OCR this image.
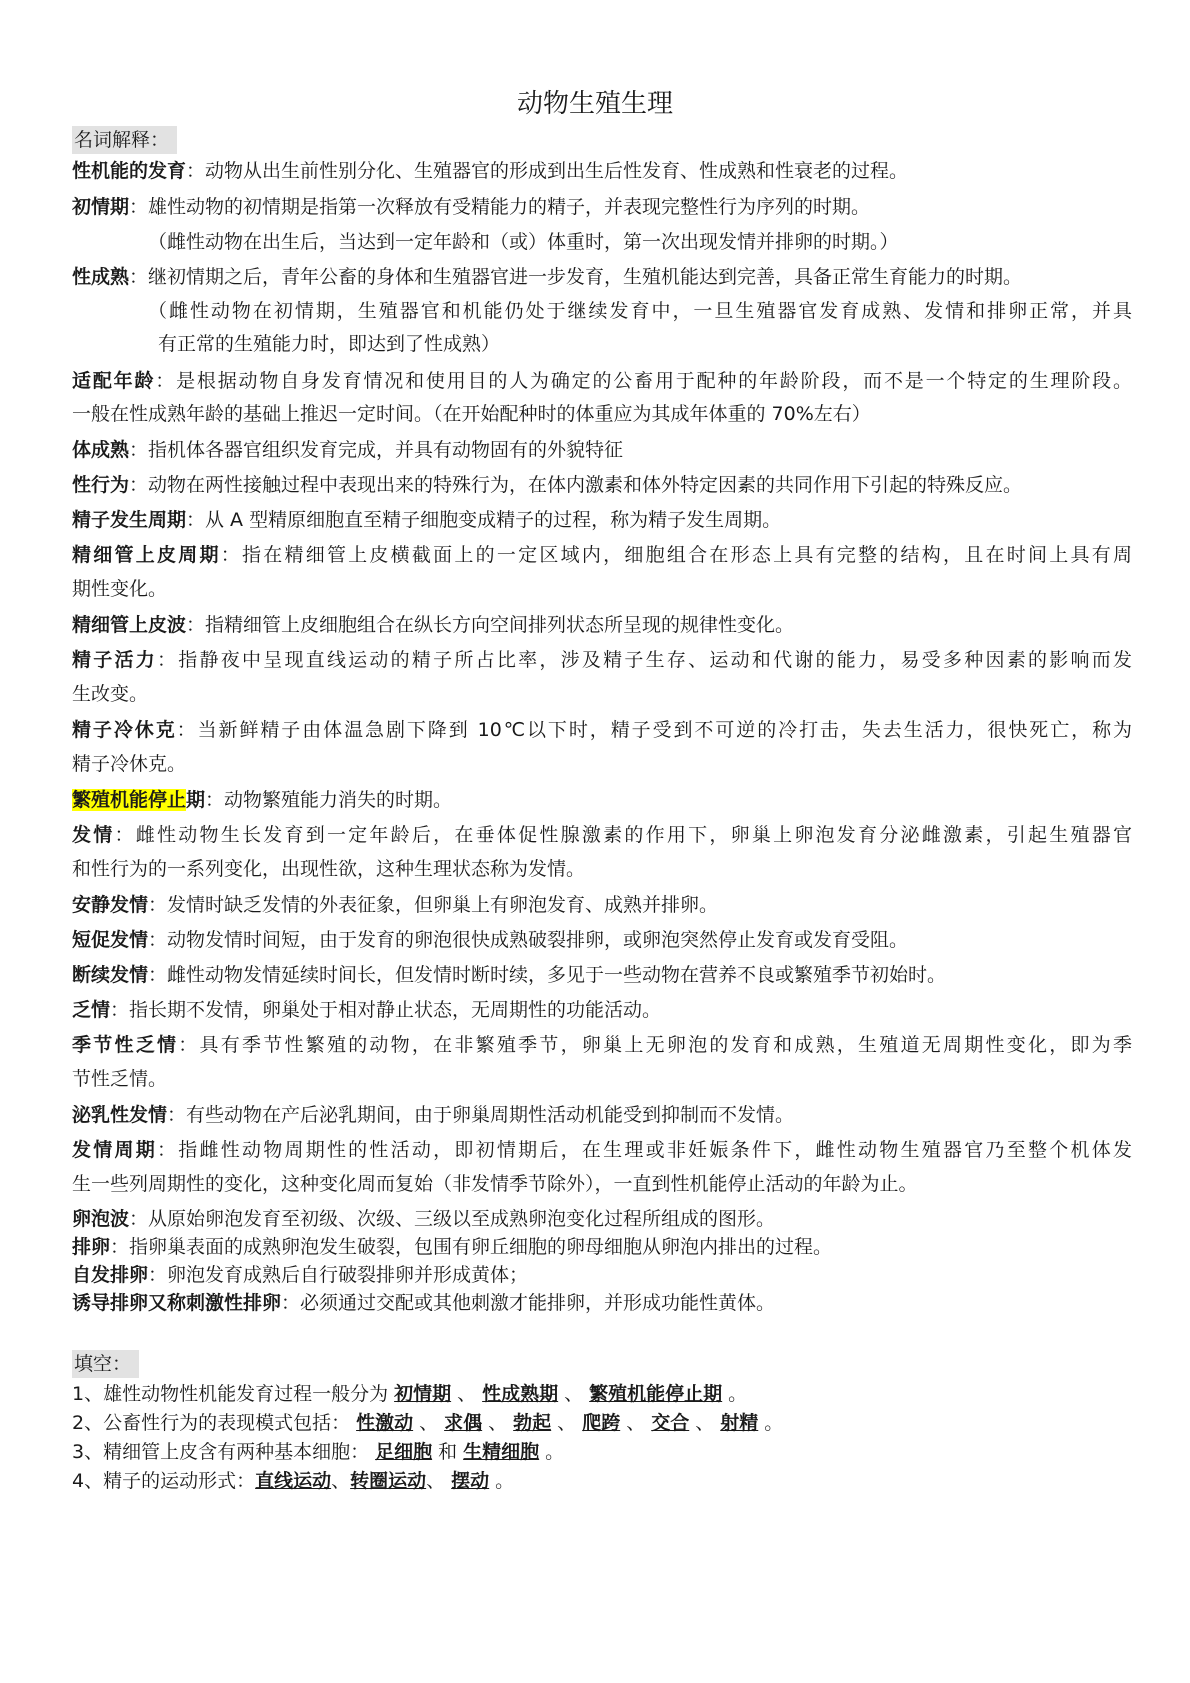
动物生殖生理
名词解释：
性机能的发育：动物从出生前性别分化、生殖器官的形成到出生后性发育、性成熟和性衰老的过程。
初情期：雄性动物的初情期是指第一次释放有受精能力的精子，并表现完整性行为序列的时期。
（雌性动物在出生后，当达到一定年龄和（或）体重时，第一次出现发情并排卵的时期。）
性成熟：继初情期之后，青年公畜的身体和生殖器官进一步发育，生殖机能达到完善，具备正常生育能力的时期。
（雌性动物在初情期，生殖器官和机能仍处于继续发育中，一旦生殖器官发育成熟、发情和排卵正常，并具
有正常的生殖能力时，即达到了性成熟）
适配年龄：是根据动物自身发育情况和使用目的人为确定的公畜用于配种的年龄阶段，而不是一个特定的生理阶段。
一般在性成熟年龄的基础上推迟一定时间。（在开始配种时的体重应为其成年体重的 70%左右）
体成熟：指机体各器官组织发育完成，并具有动物固有的外貌特征
性行为：动物在两性接触过程中表现出来的特殊行为，在体内激素和体外特定因素的共同作用下引起的特殊反应。
精子发生周期：从 A 型精原细胞直至精子细胞变成精子的过程，称为精子发生周期。
精细管上皮周期：指在精细管上皮横截面上的一定区域内，细胞组合在形态上具有完整的结构，且在时间上具有周
期性变化。
精细管上皮波：指精细管上皮细胞组合在纵长方向空间排列状态所呈现的规律性变化。
精子活力：指静夜中呈现直线运动的精子所占比率，涉及精子生存、运动和代谢的能力，易受多种因素的影响而发
生改变。
精子冷休克：当新鲜精子由体温急剧下降到 10℃以下时，精子受到不可逆的冷打击，失去生活力，很快死亡，称为
精子冷休克。
繁殖机能停止期：动物繁殖能力消失的时期。
发情：雌性动物生长发育到一定年龄后，在垂体促性腺激素的作用下，卵巢上卵泡发育分泌雌激素，引起生殖器官
和性行为的一系列变化，出现性欲，这种生理状态称为发情。
安静发情：发情时缺乏发情的外表征象，但卵巢上有卵泡发育、成熟并排卵。
短促发情：动物发情时间短，由于发育的卵泡很快成熟破裂排卵，或卵泡突然停止发育或发育受阻。
断续发情：雌性动物发情延续时间长，但发情时断时续，多见于一些动物在营养不良或繁殖季节初始时。
乏情：指长期不发情，卵巢处于相对静止状态，无周期性的功能活动。
季节性乏情：具有季节性繁殖的动物，在非繁殖季节，卵巢上无卵泡的发育和成熟，生殖道无周期性变化，即为季
节性乏情。
泌乳性发情：有些动物在产后泌乳期间，由于卵巢周期性活动机能受到抑制而不发情。
发情周期：指雌性动物周期性的性活动，即初情期后，在生理或非妊娠条件下，雌性动物生殖器官乃至整个机体发
生一些列周期性的变化，这种变化周而复始（非发情季节除外），一直到性机能停止活动的年龄为止。
卵泡波：从原始卵泡发育至初级、次级、三级以至成熟卵泡变化过程所组成的图形。
排卵：指卵巢表面的成熟卵泡发生破裂，包围有卵丘细胞的卵母细胞从卵泡内排出的过程。
自发排卵：卵泡发育成熟后自行破裂排卵并形成黄体；
诱导排卵又称刺激性排卵：必须通过交配或其他刺激才能排卵，并形成功能性黄体。
填空：
1、雄性动物性机能发育过程一般分为 初情期 、 性成熟期 、 繁殖机能停止期 。
2、公畜性行为的表现模式包括： 性激动 、 求偶 、 勃起 、 爬跨 、 交合 、 射精 。
3、精细管上皮含有两种基本细胞： 足细胞 和 生精细胞 。
4、精子的运动形式：直线运动、转圈运动、 摆动 。
